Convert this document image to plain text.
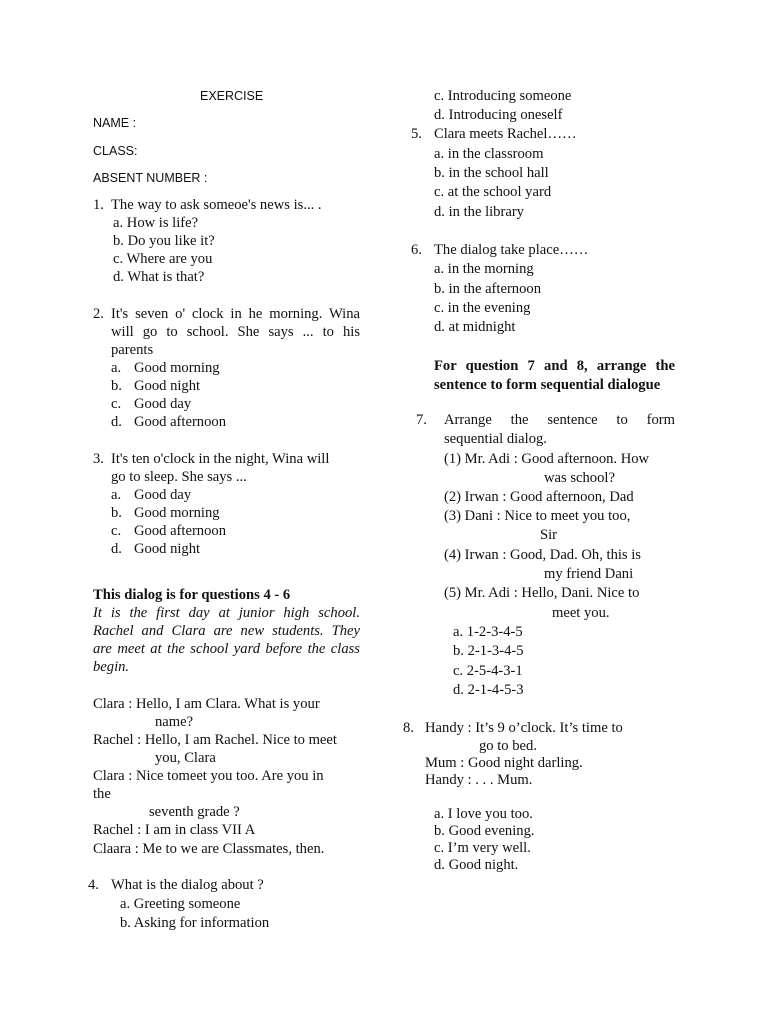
EXERCISE
NAME :
CLASS:
ABSENT NUMBER :
1. The way to ask someoe's news is... .
a. How is life?
b. Do you like it?
c. Where are you
d. What is that?
2. It's seven o' clock in he morning. Wina
will go to school. She says ... to his
parents
a. Good morning
b. Good night
c. Good day
d. Good afternoon
3. It's ten o'clock in the night, Wina will
go to sleep. She says ...
a. Good day
b. Good morning
c. Good afternoon
d. Good night
This dialog is for questions 4 - 6
It is the first day at junior high school.
Rachel and Clara are new students. They
are meet at the school yard before the class
begin.
Clara : Hello, I am Clara. What is your
name?
Rachel : Hello, I am Rachel. Nice to meet
you, Clara
Clara : Nice tomeet you too. Are you in
the
seventh grade ?
Rachel : I am in class VII A
Claara : Me to we are Classmates, then.
4. What is the dialog about ?
a. Greeting someone
b. Asking for information
c. Introducing someone
d. Introducing oneself
5. Clara meets Rachel……
a. in the classroom
b. in the school hall
c. at the school yard
d. in the library
6. The dialog take place……
a. in the morning
b. in the afternoon
c. in the evening
d. at midnight
For question 7 and 8, arrange the
sentence to form sequential dialogue
7. Arrange the sentence to form
sequential dialog.
(1) Mr. Adi : Good afternoon. How
was school?
(2) Irwan : Good afternoon, Dad
(3) Dani : Nice to meet you too,
Sir
(4) Irwan : Good, Dad. Oh, this is
my friend Dani
(5) Mr. Adi : Hello, Dani. Nice to
meet you.
a. 1-2-3-4-5
b. 2-1-3-4-5
c. 2-5-4-3-1
d. 2-1-4-5-3
8. Handy : It’s 9 o’clock. It’s time to
go to bed.
Mum : Good night darling.
Handy : . . . Mum.
a. I love you too.
b. Good evening.
c. I’m very well.
d. Good night.
